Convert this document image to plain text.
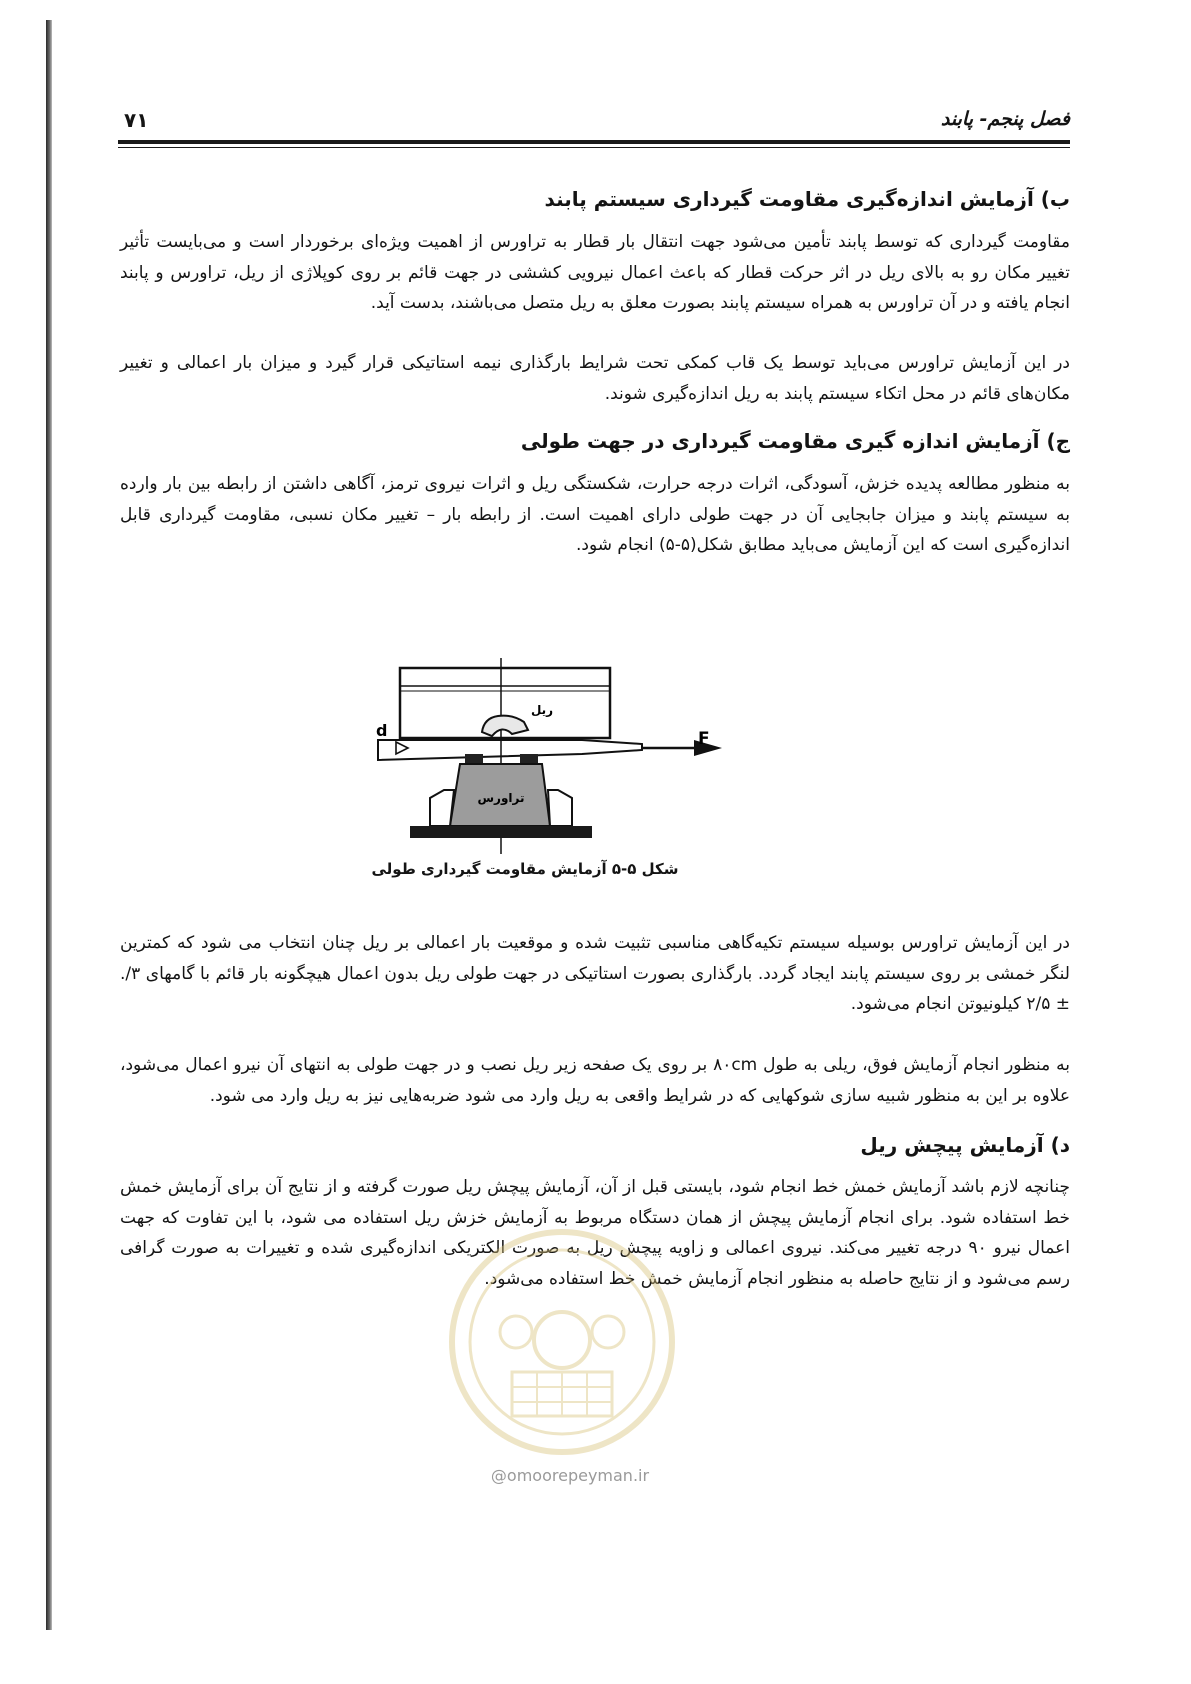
۷۱	فصل پنجم- پابند
ب) آزمایش اندازه‌گیری مقاومت گیرداری سیستم پابند
مقاومت گیرداری که توسط پابند تأمین می‌شود جهت انتقال بار قطار به تراورس از اهمیت ویژه‌ای برخوردار است و می‌بایست تأثیر تغییر مکان رو به بالای ریل در اثر حرکت قطار که باعث اعمال نیرویی کششی در جهت قائم بر روی کوپلاژی از ریل، تراورس و پابند انجام یافته و در آن تراورس به همراه سیستم پابند بصورت معلق به ریل متصل می‌باشند، بدست آید.
در این آزمایش تراورس می‌باید توسط یک قاب کمکی تحت شرایط بارگذاری نیمه استاتیکی قرار گیرد و میزان بار اعمالی و تغییر مکان‌های قائم در محل اتکاء سیستم پابند به ریل اندازه‌گیری شوند.
ج) آزمایش اندازه گیری مقاومت گیرداری در جهت طولی
به منظور مطالعه پدیده خزش، آسودگی، اثرات درجه حرارت، شکستگی ریل و اثرات نیروی ترمز، آگاهی داشتن از رابطه بین بار وارده به سیستم پابند و میزان جابجایی آن در جهت طولی دارای اهمیت است. از رابطه بار – تغییر مکان نسبی، مقاومت گیرداری قابل اندازه‌گیری است که این آزمایش می‌باید مطابق شکل(۵-۵) انجام شود.
ریل
تراورس
d	F
شکل ۵-۵ آزمایش مقاومت گیرداری طولی
در این آزمایش تراورس بوسیله سیستم تکیه‌گاهی مناسبی تثبیت شده و موقعیت بار اعمالی بر ریل چنان انتخاب می شود که کمترین لنگر خمشی بر روی سیستم پابند ایجاد گردد. بارگذاری بصورت استاتیکی در جهت طولی ریل بدون اعمال هیچگونه بار قائم با گامهای ۳/. ± ۲/۵ کیلونیوتن انجام می‌شود.
به منظور انجام آزمایش فوق، ریلی به طول ۸۰cm بر روی یک صفحه زیر ریل نصب و در جهت طولی به انتهای آن نیرو اعمال می‌شود، علاوه بر این به منظور شبیه سازی شوکهایی که در شرایط واقعی به ریل وارد می شود ضربه‌هایی نیز به ریل وارد می شود.
د) آزمایش پیچش ریل
چنانچه لازم باشد آزمایش خمش خط انجام شود، بایستی قبل از آن، آزمایش پیچش ریل صورت گرفته و از نتایج آن برای آزمایش خمش خط استفاده شود. برای انجام آزمایش پیچش از همان دستگاه مربوط به آزمایش خزش ریل استفاده می شود، با این تفاوت که جهت اعمال نیرو ۹۰ درجه تغییر می‌کند. نیروی اعمالی و زاویه پیچش ریل به صورت الکتریکی اندازه‌گیری شده و تغییرات به صورت گرافی رسم می‌شود و از نتایج حاصله به منظور انجام آزمایش خمش خط استفاده می‌شود.
@omoorepeyman.ir
